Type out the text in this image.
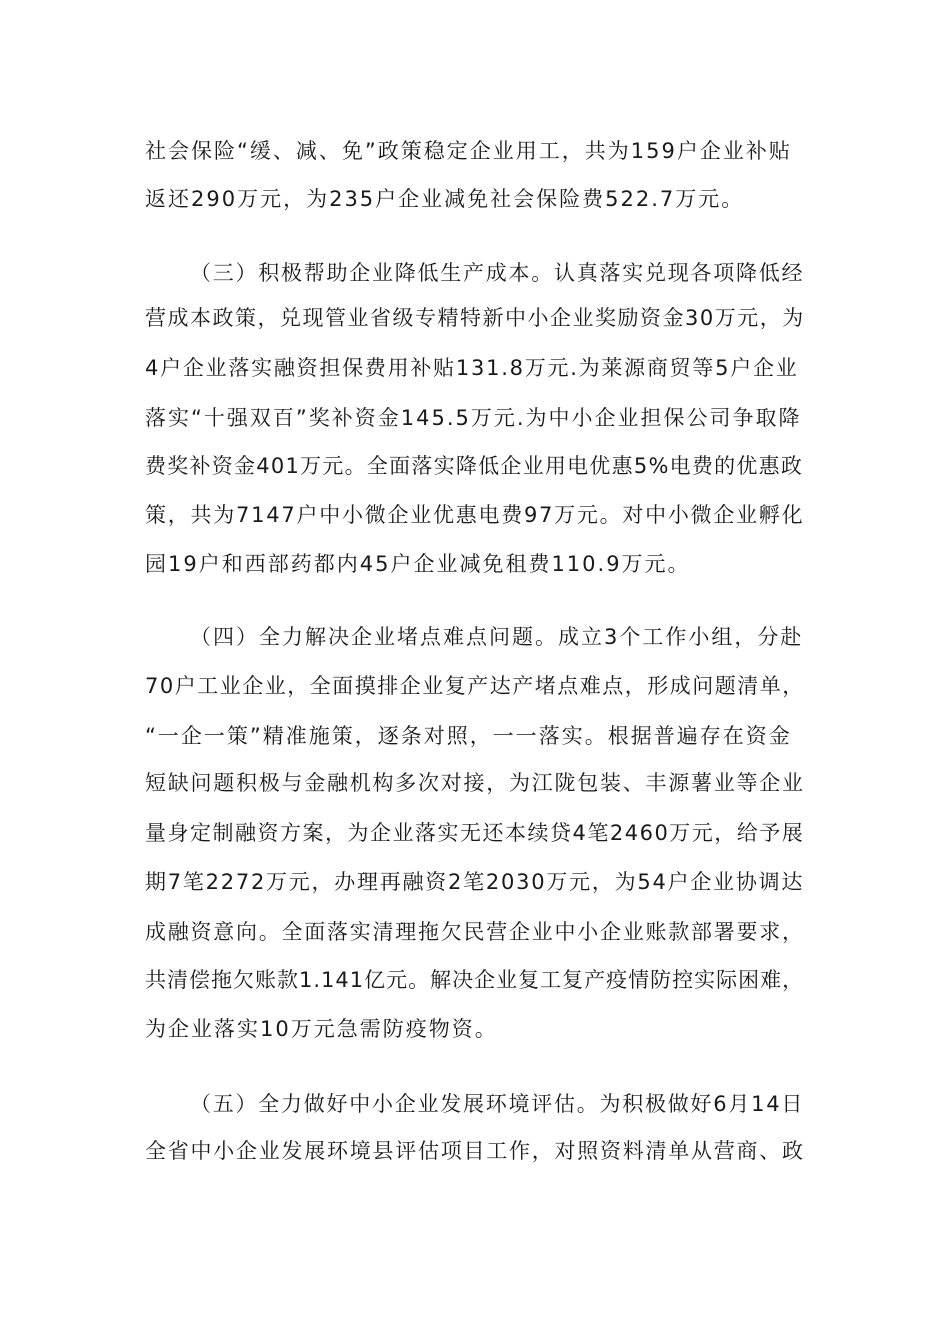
社会保险“缓、减、免”政策稳定企业用工，共为159户企业补贴
返还290万元，为235户企业减免社会保险费522.7万元。
（三）积极帮助企业降低生产成本。认真落实兑现各项降低经
营成本政策，兑现管业省级专精特新中小企业奖励资金30万元，为
4户企业落实融资担保费用补贴131.8万元.为莱源商贸等5户企业
落实“十强双百”奖补资金145.5万元.为中小企业担保公司争取降
费奖补资金401万元。全面落实降低企业用电优惠5%电费的优惠政
策，共为7147户中小微企业优惠电费97万元。对中小微企业孵化
园19户和西部药都内45户企业减免租费110.9万元。
（四）全力解决企业堵点难点问题。成立3个工作小组，分赴
70户工业企业，全面摸排企业复产达产堵点难点，形成问题清单，
“一企一策”精准施策，逐条对照，一一落实。根据普遍存在资金
短缺问题积极与金融机构多次对接，为江陇包装、丰源薯业等企业
量身定制融资方案，为企业落实无还本续贷4笔2460万元，给予展
期7笔2272万元，办理再融资2笔2030万元，为54户企业协调达
成融资意向。全面落实清理拖欠民营企业中小企业账款部署要求，
共清偿拖欠账款1.141亿元。解决企业复工复产疫情防控实际困难，
为企业落实10万元急需防疫物资。
（五）全力做好中小企业发展环境评估。为积极做好6月14日
全省中小企业发展环境县评估项目工作，对照资料清单从营商、政
